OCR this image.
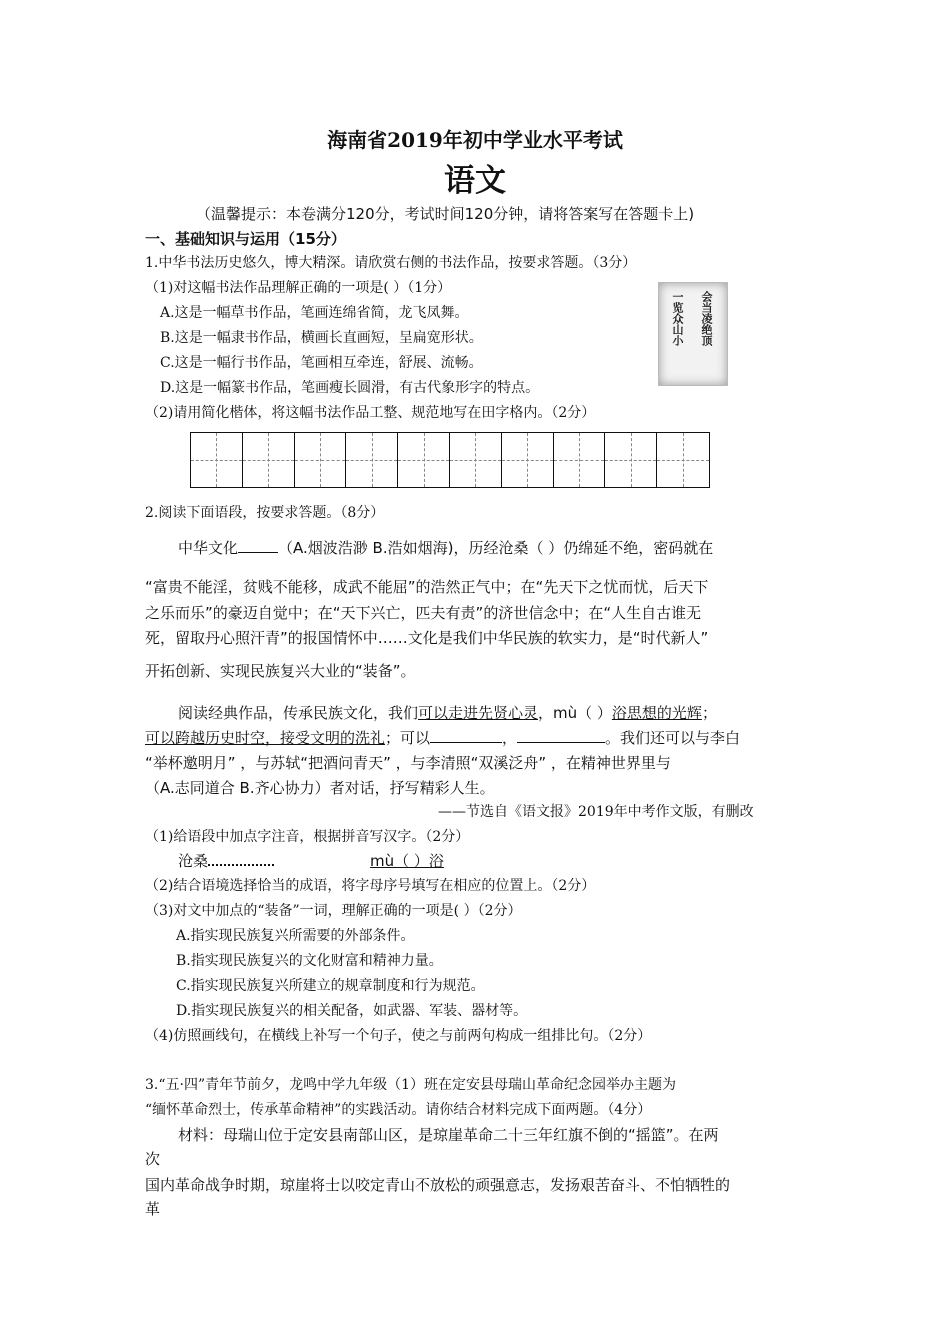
海南省2019年初中学业水平考试
语文
（温馨提示：本卷满分120分，考试时间120分钟，请将答案写在答题卡上)
一、基础知识与运用（15分）
1.中华书法历史悠久，博大精深。请欣赏右侧的书法作品，按要求答题。（3分）
（1)对这幅书法作品理解正确的一项是( ）（1分）
A.这是一幅草书作品，笔画连绵省简，龙飞凤舞。
B.这是一幅隶书作品，横画长直画短，呈扁宽形状。
C.这是一幅行书作品，笔画相互牵连，舒展、流畅。
D.这是一幅篆书作品，笔画瘦长圆滑，有古代象形字的特点。
（2)请用简化楷体，将这幅书法作品工整、规范地写在田字格内。（2分）
会当凌绝顶
一览众山小
2.阅读下面语段，按要求答题。（8分）
中华文化	（A.烟波浩渺 B.浩如烟海)，历经沧桑（ ）仍绵延不绝，密码就在
“富贵不能淫，贫贱不能移，成武不能屈”的浩然正气中；在“先天下之忧而忧，后天下
之乐而乐”的豪迈自觉中；在“天下兴亡，匹夫有责”的济世信念中；在“人生自古谁无
死，留取丹心照汗青”的报国情怀中……文化是我们中华民族的软实力，是“时代新人”
开拓创新、实现民族复兴大业的“装备”。
阅读经典作品，传承民族文化，我们可以走进先贤心灵，mù（ ）浴思想的光辉；
可以跨越历史时空，接受文明的洗礼；可以	，	。我们还可以与李白
“举杯邀明月” ，与苏轼“把酒问青天” ，与李清照“双溪泛舟” ，在精神世界里与
（A.志同道合 B.齐心协力）者对话，抒写精彩人生。
——节选自《语文报》2019年中考作文版，有删改
（1)给语段中加点字注音，根据拼音写汉字。（2分）
沧桑	mù（ ）浴
（2)结合语境选择恰当的成语，将字母序号填写在相应的位置上。（2分）
（3)对文中加点的“装备”一词，理解正确的一项是( ）（2分）
A.指实现民族复兴所需要的外部条件。
B.指实现民族复兴的文化财富和精神力量。
C.指实现民族复兴所建立的规章制度和行为规范。
D.指实现民族复兴的相关配备，如武器、军装、器材等。
（4)仿照画线句，在横线上补写一个句子，使之与前两句构成一组排比句。（2分）
3.“五·四”青年节前夕，龙鸣中学九年级（1）班在定安县母瑞山革命纪念园举办主题为
“缅怀革命烈士，传承革命精神”的实践活动。请你结合材料完成下面两题。（4分）
材料：母瑞山位于定安县南部山区，是琼崖革命二十三年红旗不倒的“摇篮”。在两
次
国内革命战争时期，琼崖将士以咬定青山不放松的顽强意志，发扬艰苦奋斗、不怕牺牲的
革
